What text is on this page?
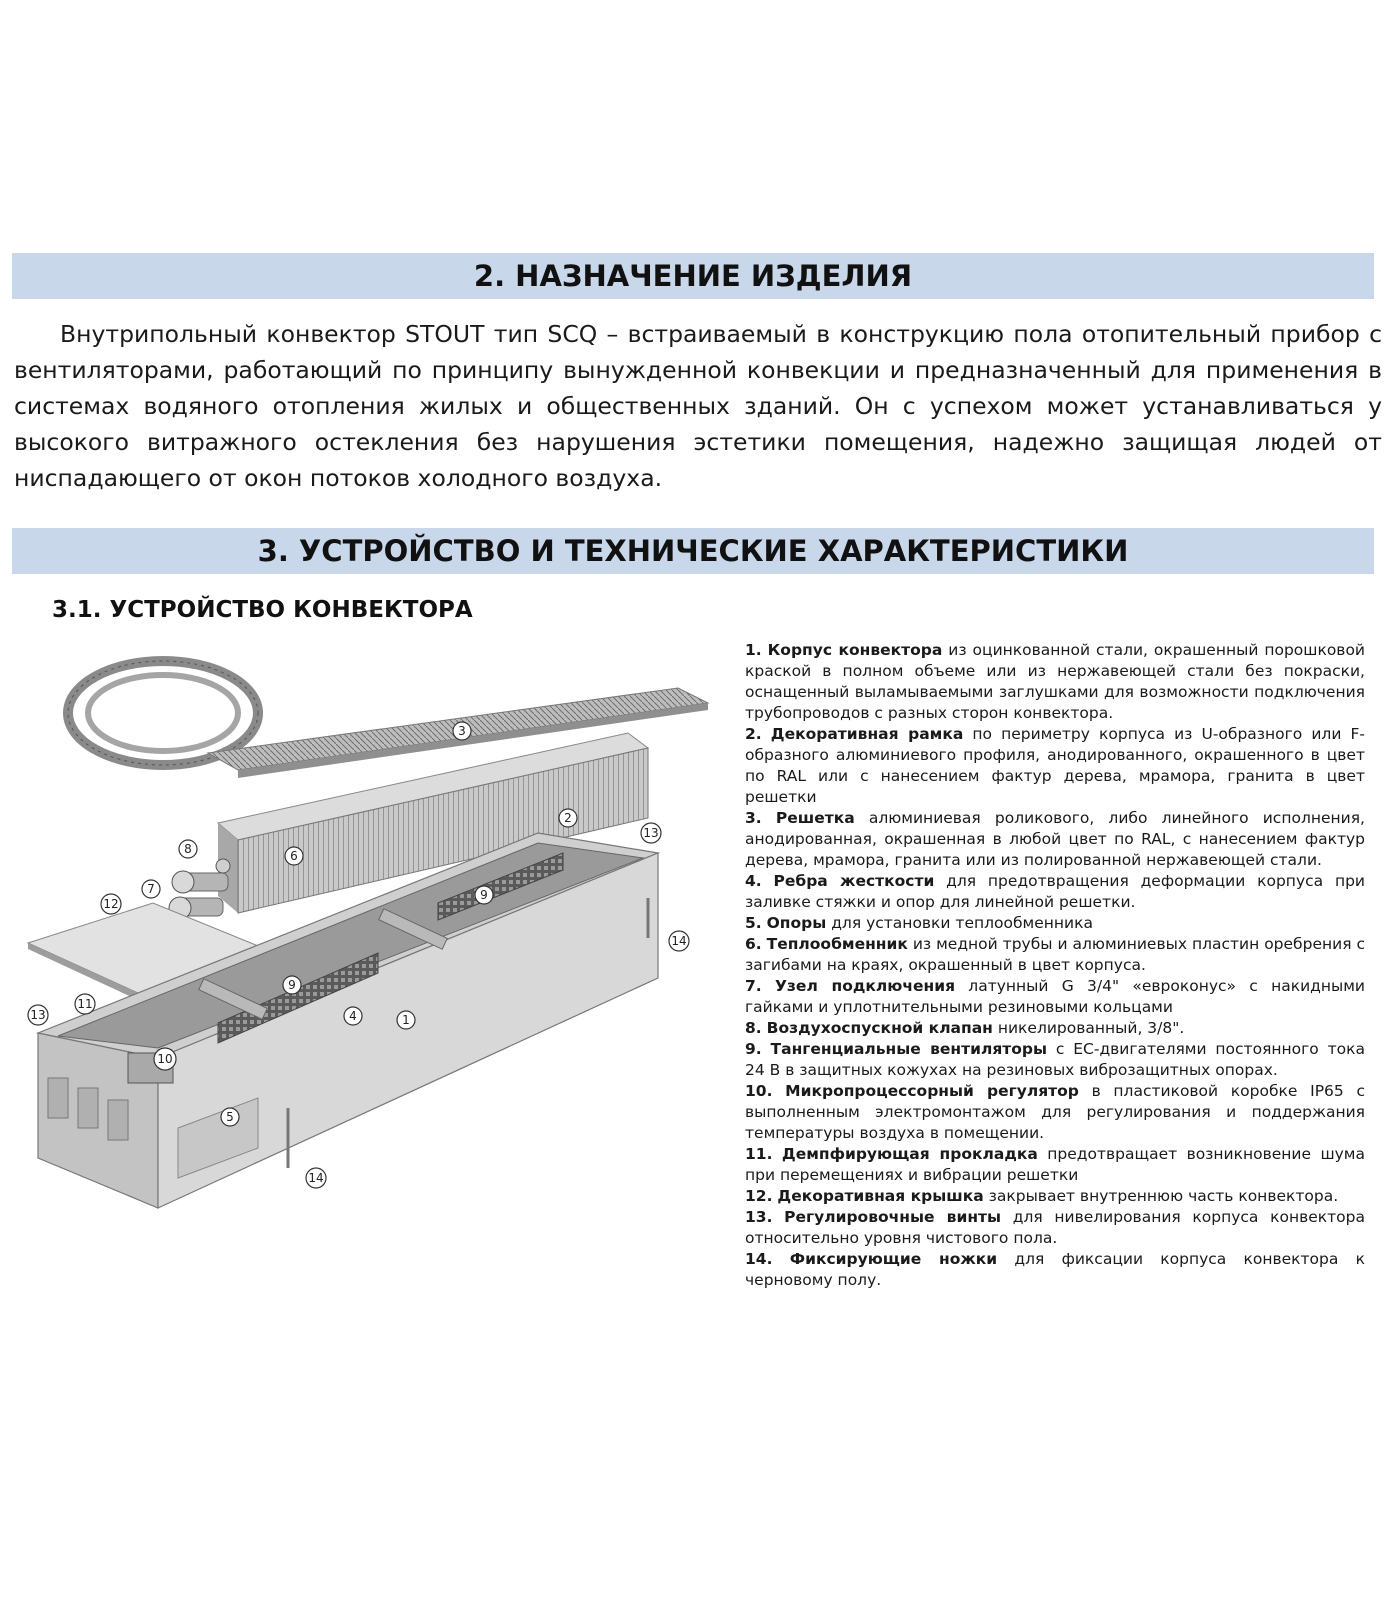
2. НАЗНАЧЕНИЕ ИЗДЕЛИЯ

Внутрипольный конвектор STOUT тип SCQ – встраиваемый в конструкцию пола отопительный прибор с вентиляторами, работающий по принципу вынужденной конвекции и предназначенный для применения в системах водяного отопления жилых и общественных зданий. Он с успехом может устанавливаться у высокого витражного остекления без нарушения эстетики помещения, надежно защищая людей от ниспадающего от окон потоков холодного воздуха.

3. УСТРОЙСТВО И ТЕХНИЧЕСКИЕ ХАРАКТЕРИСТИКИ
3.1. УСТРОЙСТВО КОНВЕКТОРА
1
2
3
4
5
6
7
8
9
9
10
11
12
13
13
14
14
1. Корпус конвектора из оцинкованной стали, окрашенный порошковой краской в полном объеме или из нержавеющей стали без покраски, оснащенный выламываемыми заглушками для возможности подключения трубопроводов с разных сторон конвектора.
2. Декоративная рамка по периметру корпуса из U-образного или F-образного алюминиевого профиля, анодированного, окрашенного в цвет по RAL или с нанесением фактур дерева, мрамора, гранита в цвет решетки
3. Решетка алюминиевая роликового, либо линейного исполнения, анодированная, окрашенная в любой цвет по RAL, с нанесением фактур дерева, мрамора, гранита или из полированной нержавеющей стали.
4. Ребра жесткости для предотвращения деформации корпуса при заливке стяжки и опор для линейной решетки.
5. Опоры для установки теплообменника
6. Теплообменник из медной трубы и алюминиевых пластин оребрения с загибами на краях, окрашенный в цвет корпуса.
7. Узел подключения латунный G 3/4" «евроконус» с накидными гайками и уплотнительными резиновыми кольцами
8. Воздухоспускной клапан никелированный, 3/8".
9. Тангенциальные вентиляторы с ЕС-двигателями постоянного тока 24 В в защитных кожухах на резиновых виброзащитных опорах.
10. Микропроцессорный регулятор в пластиковой коробке IP65 с выполненным электромонтажом для регулирования и поддержания температуры воздуха в помещении.
11. Демпфирующая прокладка предотвращает возникновение шума при перемещениях и вибрации решетки
12. Декоративная крышка закрывает внутреннюю часть конвектора.
13. Регулировочные винты для нивелирования корпуса конвектора относительно уровня чистового пола.
14. Фиксирующие ножки для фиксации корпуса конвектора к черновому полу.
